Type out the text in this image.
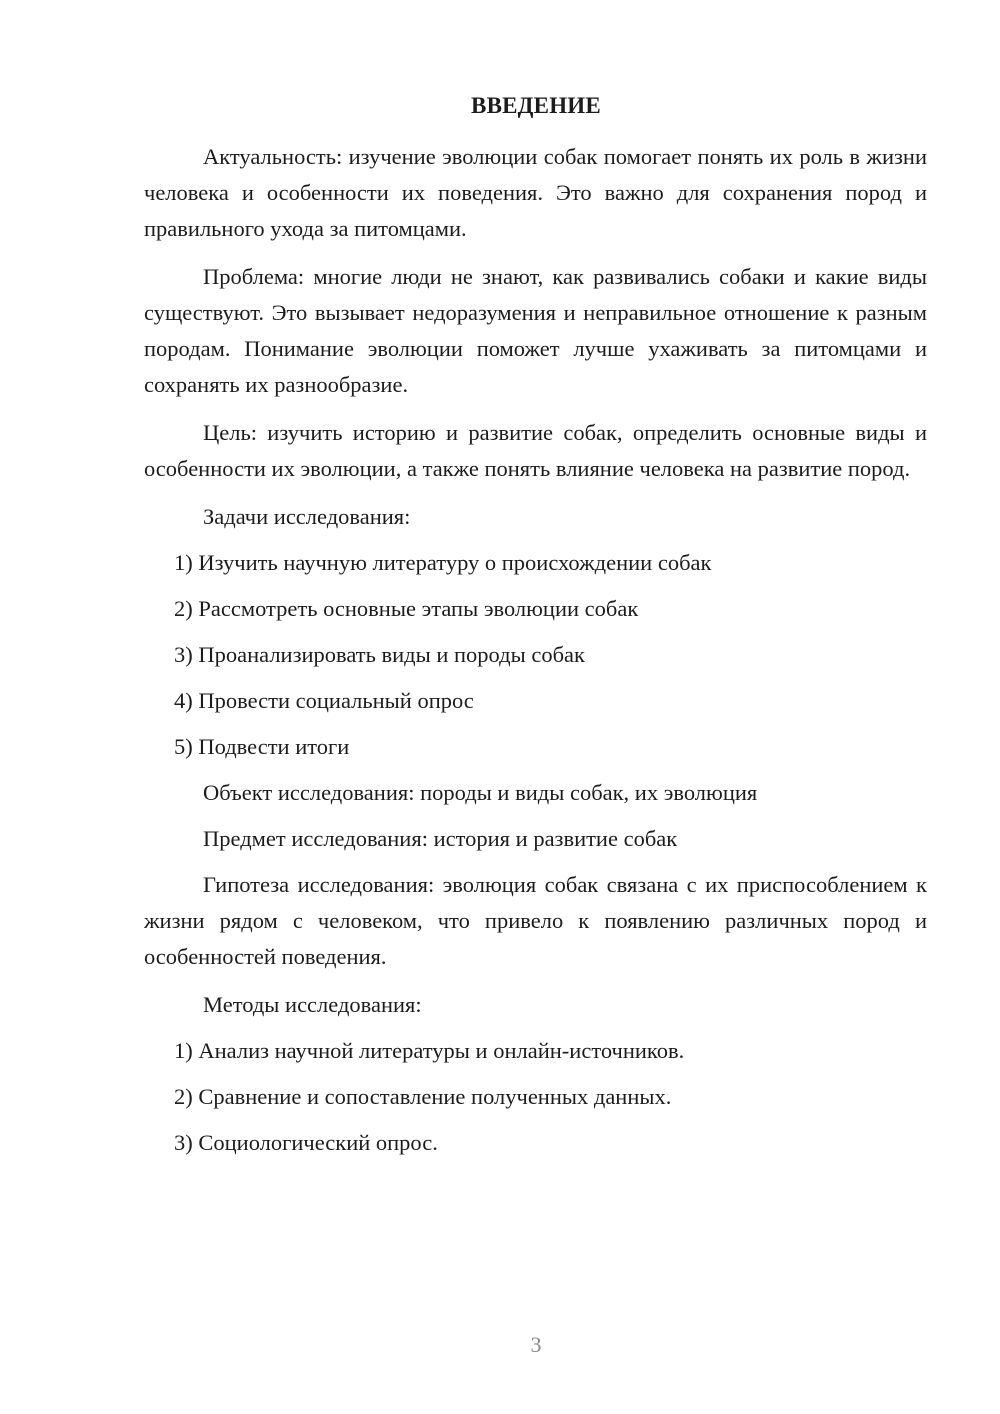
ВВЕДЕНИЕ

Актуальность: изучение эволюции собак помогает понять их роль в жизни человека и особенности их поведения. Это важно для сохранения пород и правильного ухода за питомцами.

Проблема: многие люди не знают, как развивались собаки и какие виды существуют. Это вызывает недоразумения и неправильное отношение к разным породам. Понимание эволюции поможет лучше ухаживать за питомцами и сохранять их разнообразие.

Цель: изучить историю и развитие собак, определить основные виды и особенности их эволюции, а также понять влияние человека на развитие пород.

Задачи исследования:
1) Изучить научную литературу о происхождении собак
2) Рассмотреть основные этапы эволюции собак
3) Проанализировать виды и породы собак
4) Провести социальный опрос
5) Подвести итоги
Объект исследования: породы и виды собак, их эволюция
Предмет исследования: история и развитие собак

Гипотеза исследования: эволюция собак связана с их приспособлением к жизни рядом с человеком, что привело к появлению различных пород и особенностей поведения.

Методы исследования:
1) Анализ научной литературы и онлайн-источников.
2) Сравнение и сопоставление полученных данных.
3) Социологический опрос.
3
